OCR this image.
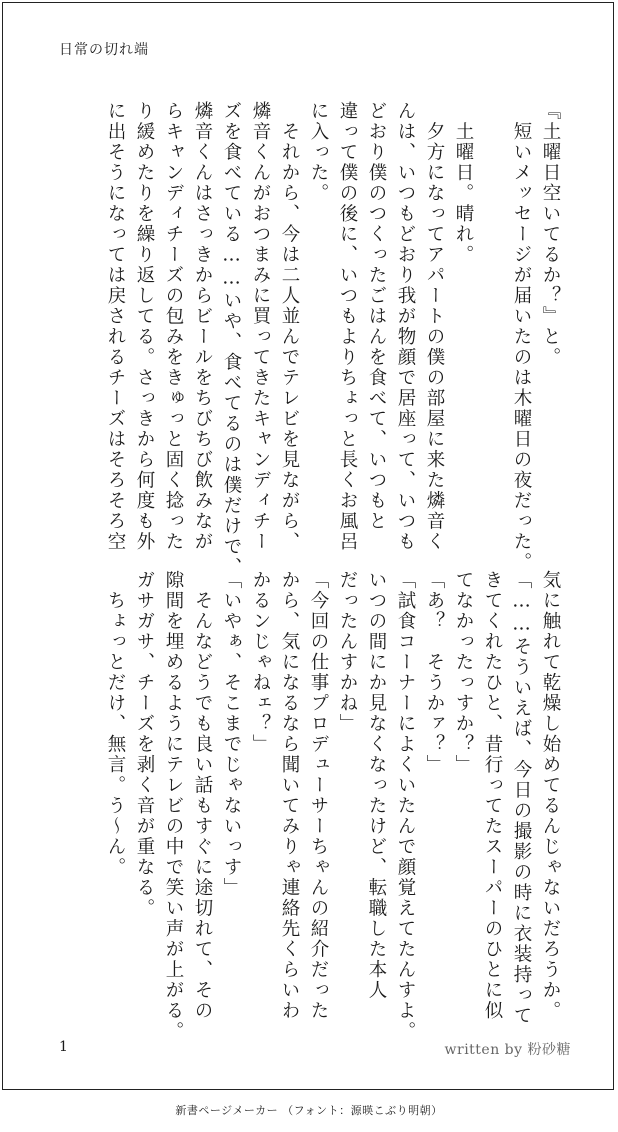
日常の切れ端
『土曜日空いてるか？』と。
　短いメッセージが届いたのは木曜日の夜だった。

　土曜日。晴れ。
　夕方になってアパートの僕の部屋に来た燐音く
んは、いつもどおり我が物顔で居座って、いつも
どおり僕のつくったごはんを食べて、いつもと
違って僕の後に、いつもよりちょっと長くお風呂
に入った。
　それから、今は二人並んでテレビを見ながら、
燐音くんがおつまみに買ってきたキャンディチー
ズを食べている……いや、食べてるのは僕だけで、
燐音くんはさっきからビールをちびちび飲みなが
らキャンディチーズの包みをきゅっと固く捻った
り緩めたりを繰り返してる。さっきから何度も外
に出そうになっては戻されるチーズはそろそろ空
気に触れて乾燥し始めてるんじゃないだろうか。
「……そういえば、今日の撮影の時に衣装持って
きてくれたひと、昔行ってたスーパーのひとに似
てなかったっすか？」
「あ？　そうかァ？」
「試食コーナーによくいたんで顔覚えてたんすよ。
いつの間にか見なくなったけど、転職した本人
だったんすかね」
「今回の仕事プロデューサーちゃんの紹介だった
から、気になるなら聞いてみりゃ連絡先くらいわ
かるンじゃねェ？」
「いやぁ、そこまでじゃないっす」
　そんなどうでも良い話もすぐに途切れて、その
隙間を埋めるようにテレビの中で笑い声が上がる。
ガサガサ、チーズを剥く音が重なる。
　ちょっとだけ、無言。う〜ん。
1	written by 粉砂糖
新書ページメーカー （フォント：源暎こぶり明朝）
